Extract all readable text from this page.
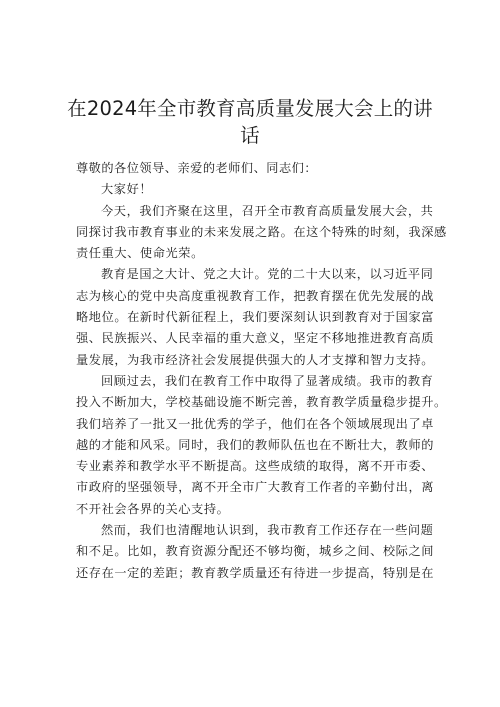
在2024年全市教育高质量发展大会上的讲
话
尊敬的各位领导、亲爱的老师们、同志们：
大家好！
今天，我们齐聚在这里，召开全市教育高质量发展大会，共
同探讨我市教育事业的未来发展之路。在这个特殊的时刻，我深感
责任重大、使命光荣。
教育是国之大计、党之大计。党的二十大以来，以习近平同
志为核心的党中央高度重视教育工作，把教育摆在优先发展的战
略地位。在新时代新征程上，我们要深刻认识到教育对于国家富
强、民族振兴、人民幸福的重大意义，坚定不移地推进教育高质
量发展，为我市经济社会发展提供强大的人才支撑和智力支持。
回顾过去，我们在教育工作中取得了显著成绩。我市的教育
投入不断加大，学校基础设施不断完善，教育教学质量稳步提升。
我们培养了一批又一批优秀的学子，他们在各个领域展现出了卓
越的才能和风采。同时，我们的教师队伍也在不断壮大，教师的
专业素养和教学水平不断提高。这些成绩的取得，离不开市委、
市政府的坚强领导，离不开全市广大教育工作者的辛勤付出，离
不开社会各界的关心支持。
然而，我们也清醒地认识到，我市教育工作还存在一些问题
和不足。比如，教育资源分配还不够均衡，城乡之间、校际之间
还存在一定的差距；教育教学质量还有待进一步提高，特别是在
